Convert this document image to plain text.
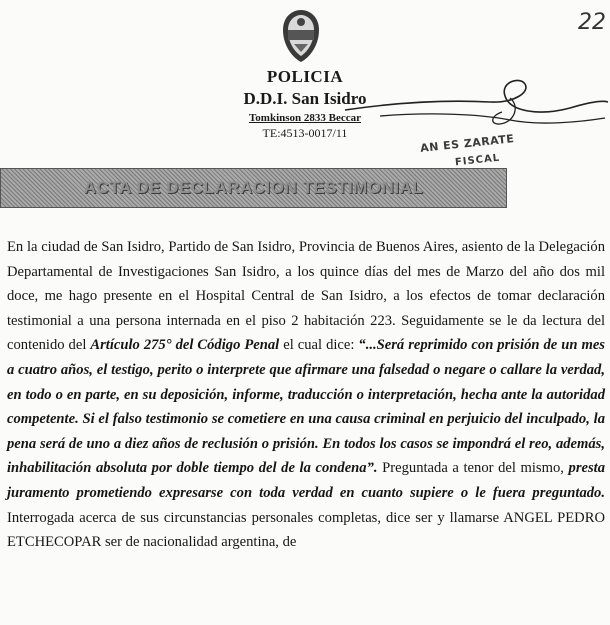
22
POLICIA
D.D.I. San Isidro
Tomkinson 2833 Beccar
TE:4513-0017/11	AN ES ZARATE
FISCAL
ACTA DE DECLARACION TESTIMONIAL
En la ciudad de San Isidro, Partido de San Isidro, Provincia de Buenos Aires, asiento de la Delegación Departamental de Investigaciones San Isidro, a los quince días del mes de Marzo del año dos mil doce, me hago presente en el Hospital Central de San Isidro, a los efectos de tomar declaración testimonial a una persona internada en el piso 2 habitación 223. Seguidamente se le da lectura del contenido del Artículo 275° del Código Penal el cual dice: “...Será reprimido con prisión de un mes a cuatro años, el testigo, perito o interprete que afirmare una falsedad o negare o callare la verdad, en todo o en parte, en su deposición, informe, traducción o interpretación, hecha ante la autoridad competente. Si el falso testimonio se cometiere en una causa criminal en perjuicio del inculpado, la pena será de uno a diez años de reclusión o prisión. En todos los casos se impondrá el reo, además, inhabilitación absoluta por doble tiempo del de la condena”. Preguntada a tenor del mismo, presta juramento prometiendo expresarse con toda verdad en cuanto supiere o le fuera preguntado. Interrogada acerca de sus circunstancias personales completas, dice ser y llamarse ANGEL PEDRO ETCHECOPAR ser de nacionalidad argentina, de
